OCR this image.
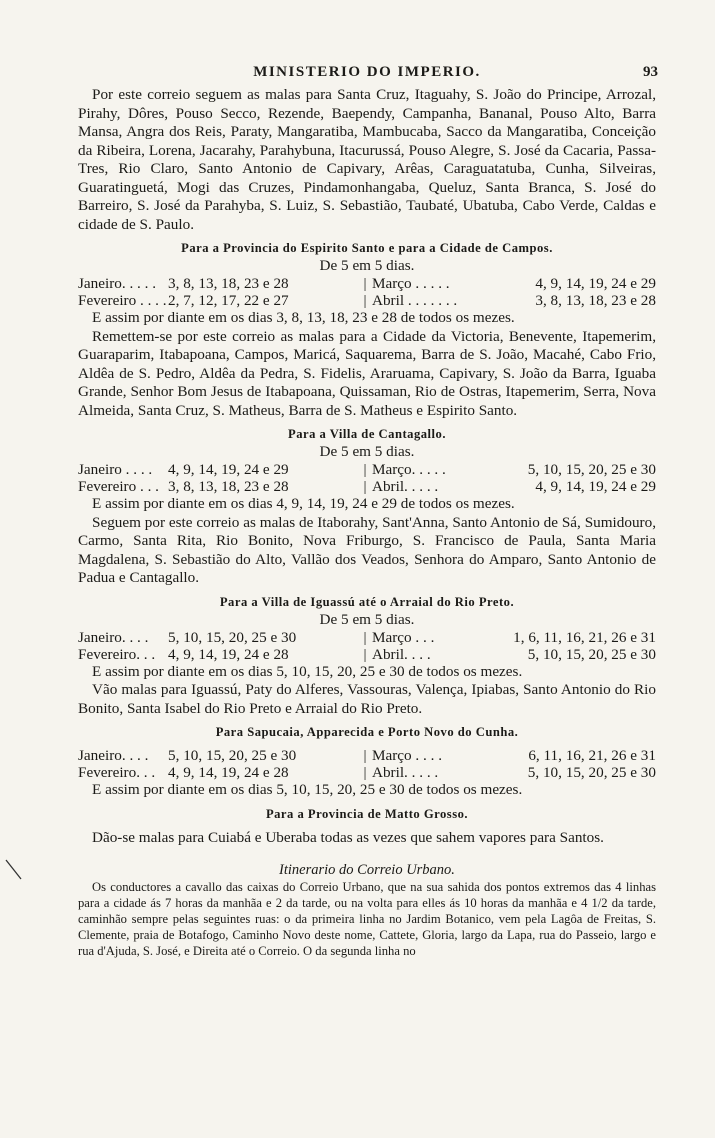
MINISTERIO DO IMPERIO.	93

Por este correio seguem as malas para Santa Cruz, Itaguahy, S. João do Principe, Arrozal, Pirahy, Dôres, Pouso Secco, Rezende, Baependy, Campanha, Bananal, Pouso Alto, Barra Mansa, Angra dos Reis, Paraty, Mangaratiba, Mambucaba, Sacco da Mangaratiba, Conceição da Ribeira, Lorena, Jacarahy, Parahybuna, Itacurussá, Pouso Alegre, S. José da Cacaria, Passa-Tres, Rio Claro, Santo Antonio de Capivary, Arêas, Caraguatatuba, Cunha, Silveiras, Guaratinguetá, Mogi das Cruzes, Pindamonhangaba, Queluz, Santa Branca, S. José do Barreiro, S. José da Parahyba, S. Luiz, S. Sebastião, Taubaté, Ubatuba, Cabo Verde, Caldas e cidade de S. Paulo.

Para a Provincia do Espirito Santo e para a Cidade de Campos.
De 5 em 5 dias.
Janeiro. . . . .	3, 8, 13, 18, 23 e 28	|	Março . . . . .	4, 9, 14, 19, 24 e 29
Fevereiro . . . .	2, 7, 12, 17, 22 e 27	|	Abril . . . . . . .	3, 8, 13, 18, 23 e 28

E assim por diante em os dias 3, 8, 13, 18, 23 e 28 de todos os mezes.

Remettem-se por este correio as malas para a Cidade da Victoria, Benevente, Itapemerim, Guaraparim, Itabapoana, Campos, Maricá, Saquarema, Barra de S. João, Macahé, Cabo Frio, Aldêa de S. Pedro, Aldêa da Pedra, S. Fidelis, Araruama, Capivary, S. João da Barra, Iguaba Grande, Senhor Bom Jesus de Itabapoana, Quissaman, Rio de Ostras, Itapemerim, Serra, Nova Almeida, Santa Cruz, S. Matheus, Barra de S. Matheus e Espirito Santo.

Para a Villa de Cantagallo.
De 5 em 5 dias.
Janeiro . . . .	4, 9, 14, 19, 24 e 29	|	Março. . . . .	5, 10, 15, 20, 25 e 30
Fevereiro . . .	3, 8, 13, 18, 23 e 28	|	Abril. . . . .	4, 9, 14, 19, 24 e 29

E assim por diante em os dias 4, 9, 14, 19, 24 e 29 de todos os mezes.

Seguem por este correio as malas de Itaborahy, Sant'Anna, Santo Antonio de Sá, Sumidouro, Carmo, Santa Rita, Rio Bonito, Nova Friburgo, S. Francisco de Paula, Santa Maria Magdalena, S. Sebastião do Alto, Vallão dos Veados, Senhora do Amparo, Santo Antonio de Padua e Cantagallo.

Para a Villa de Iguassú até o Arraial do Rio Preto.
De 5 em 5 dias.
Janeiro. . . .	5, 10, 15, 20, 25 e 30	|	Março . . .	1, 6, 11, 16, 21, 26 e 31
Fevereiro. . .	4, 9, 14, 19, 24 e 28	|	Abril. . . .	5, 10, 15, 20, 25 e 30

E assim por diante em os dias 5, 10, 15, 20, 25 e 30 de todos os mezes.

Vão malas para Iguassú, Paty do Alferes, Vassouras, Valença, Ipiabas, Santo Antonio do Rio Bonito, Santa Isabel do Rio Preto e Arraial do Rio Preto.

Para Sapucaia, Apparecida e Porto Novo do Cunha.
Janeiro. . . .	5, 10, 15, 20, 25 e 30	|	Março . . . .	6, 11, 16, 21, 26 e 31
Fevereiro. . .	4, 9, 14, 19, 24 e 28	|	Abril. . . . .	5, 10, 15, 20, 25 e 30

E assim por diante em os dias 5, 10, 15, 20, 25 e 30 de todos os mezes.

Para a Provincia de Matto Grosso.

Dão-se malas para Cuiabá e Uberaba todas as vezes que sahem vapores para Santos.

Itinerario do Correio Urbano.

Os conductores a cavallo das caixas do Correio Urbano, que na sua sahida dos pontos extremos das 4 linhas para a cidade ás 7 horas da manhãa e 2 da tarde, ou na volta para elles ás 10 horas da manhãa e 4 1/2 da tarde, caminhão sempre pelas seguintes ruas: o da primeira linha no Jardim Botanico, vem pela Lagôa de Freitas, S. Clemente, praia de Botafogo, Caminho Novo deste nome, Cattete, Gloria, largo da Lapa, rua do Passeio, largo e rua d'Ajuda, S. José, e Direita até o Correio. O da segunda linha no
